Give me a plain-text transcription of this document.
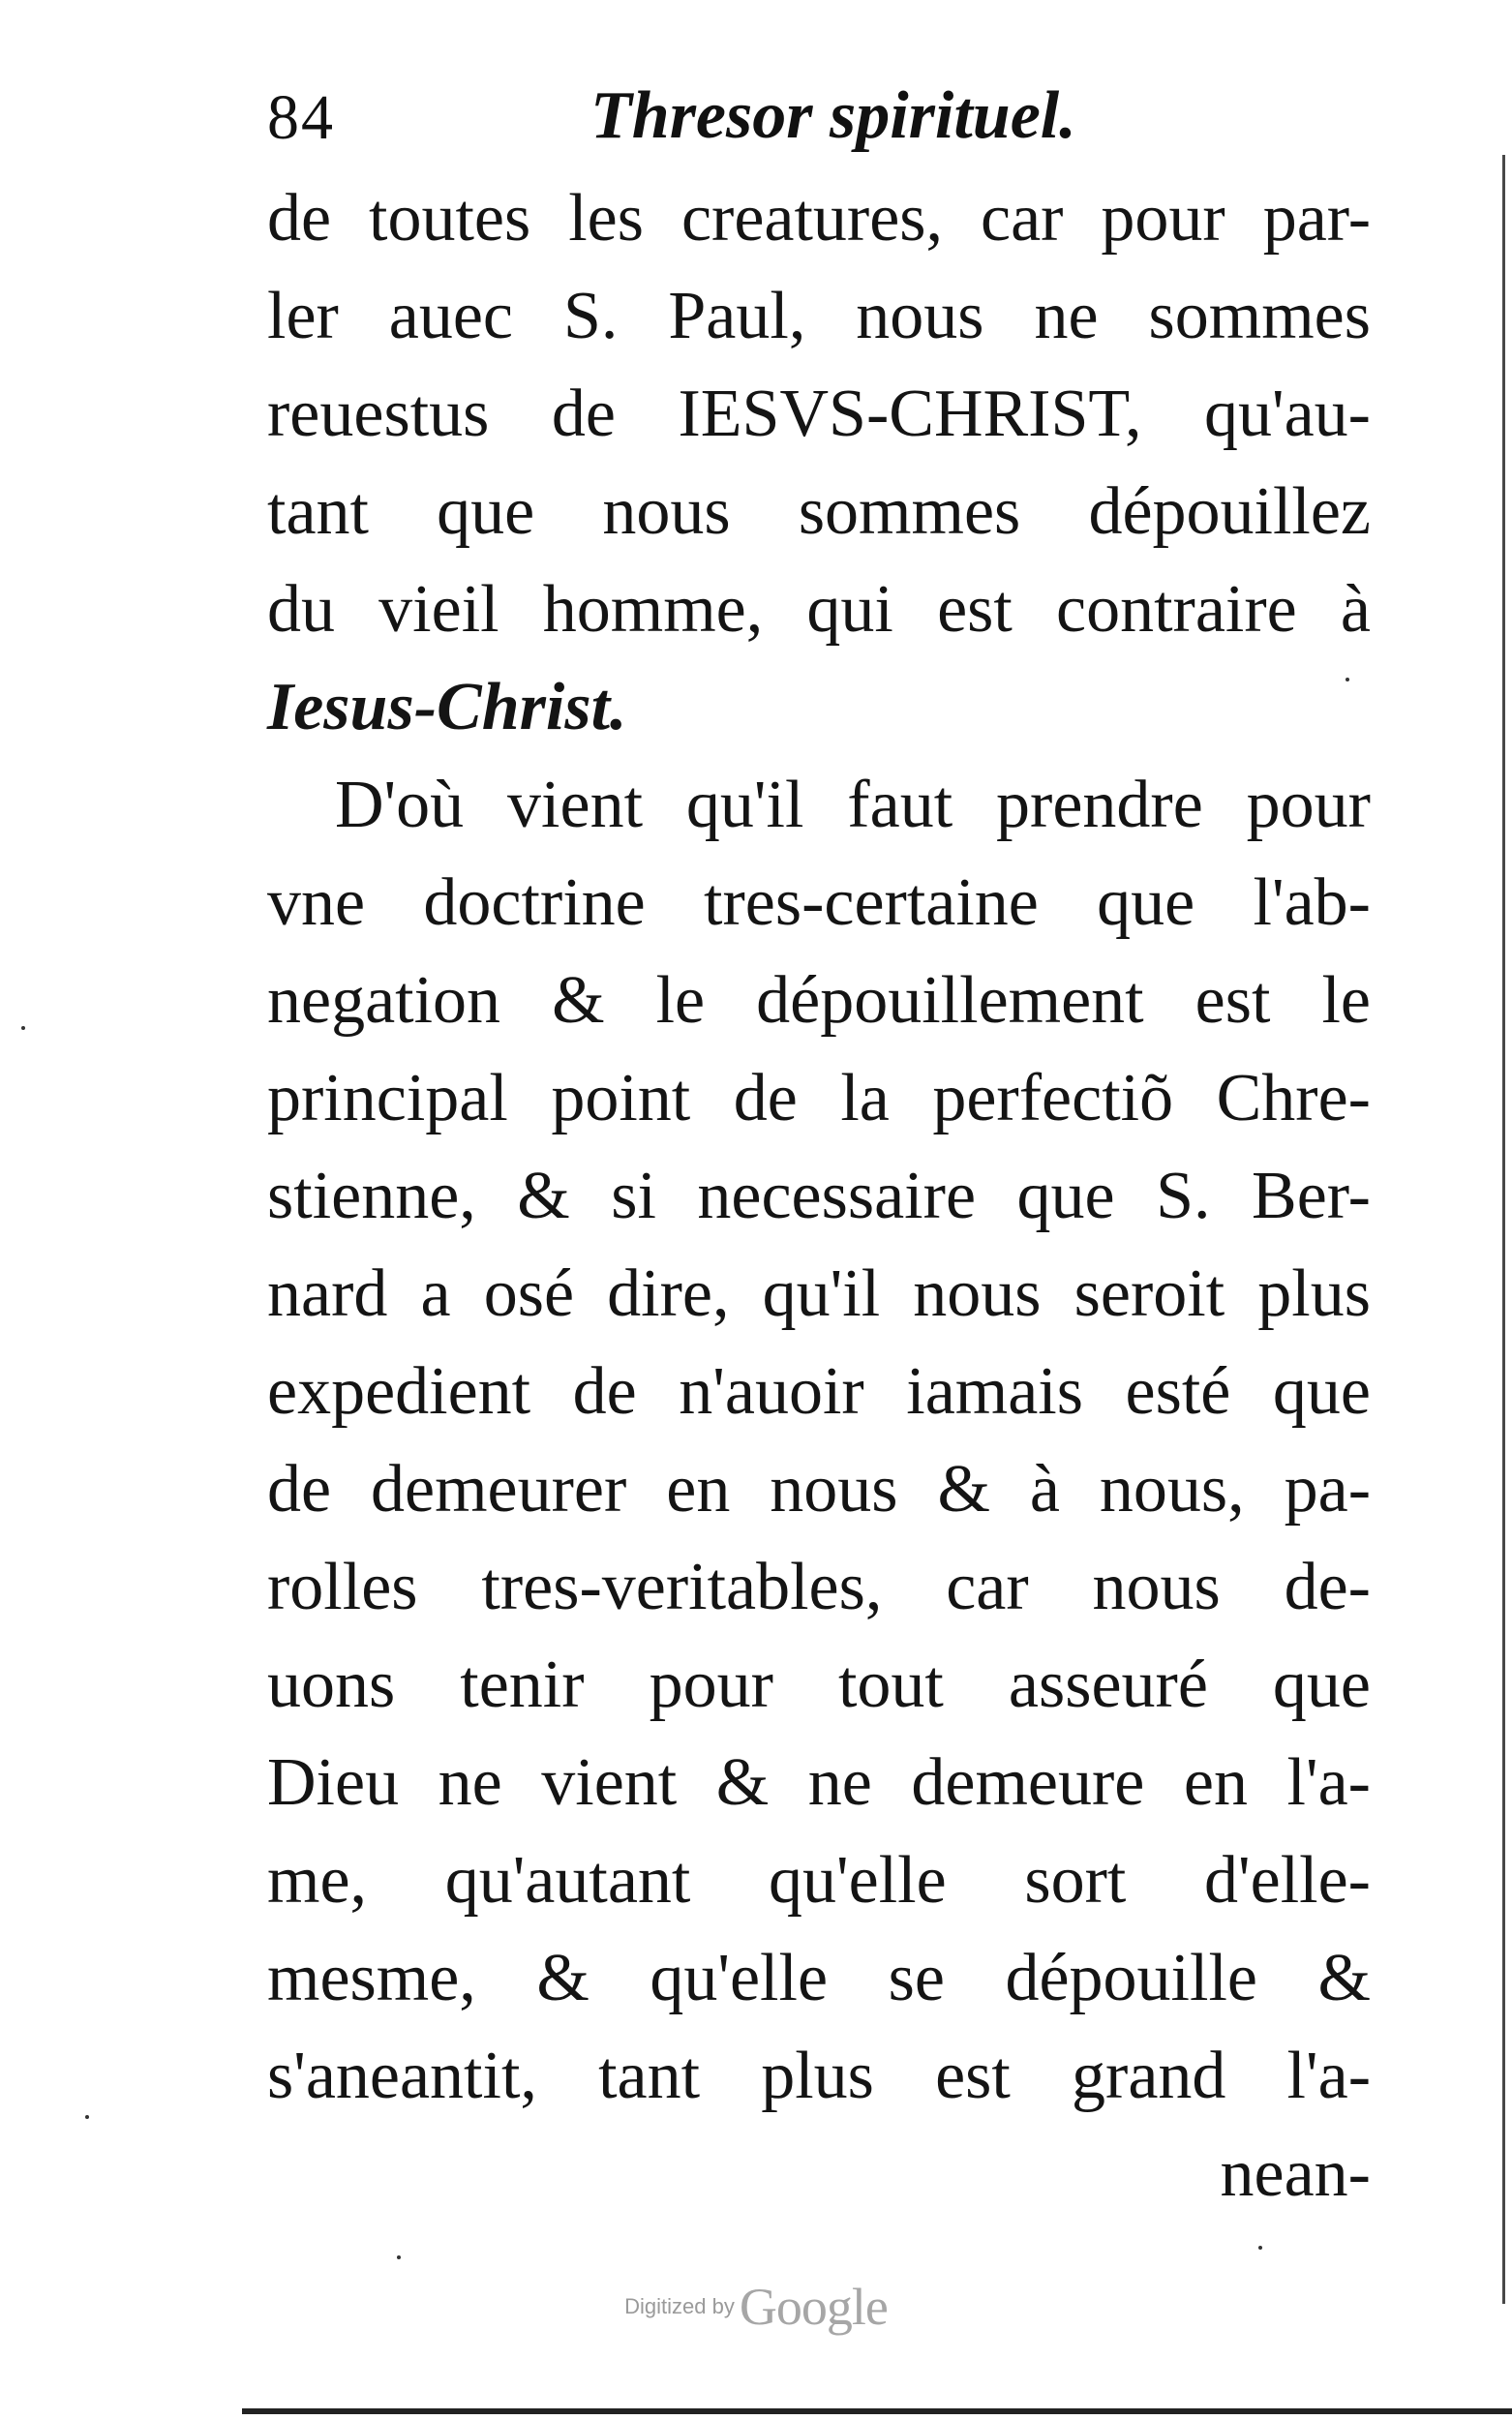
84	Thresor spirituel.
de toutes les creatures, car pour par-
ler auec S. Paul, nous ne sommes
reuestus de IESVS-CHRIST, qu'au-
tant que nous sommes dépouillez
du vieil homme, qui est contraire à
Iesus-Christ.
D'où vient qu'il faut prendre pour
vne doctrine tres-certaine que l'ab-
negation & le dépouillement est le
principal point de la perfectiõ Chre-
stienne, & si necessaire que S. Ber-
nard a osé dire, qu'il nous seroit plus
expedient de n'auoir iamais esté que
de demeurer en nous & à nous, pa-
rolles tres-veritables, car nous de-
uons tenir pour tout asseuré que
Dieu ne vient & ne demeure en l'a-
me, qu'autant qu'elle sort d'elle-
mesme, & qu'elle se dépouille &
s'aneantit, tant plus est grand l'a-
nean-
Digitized by Google
